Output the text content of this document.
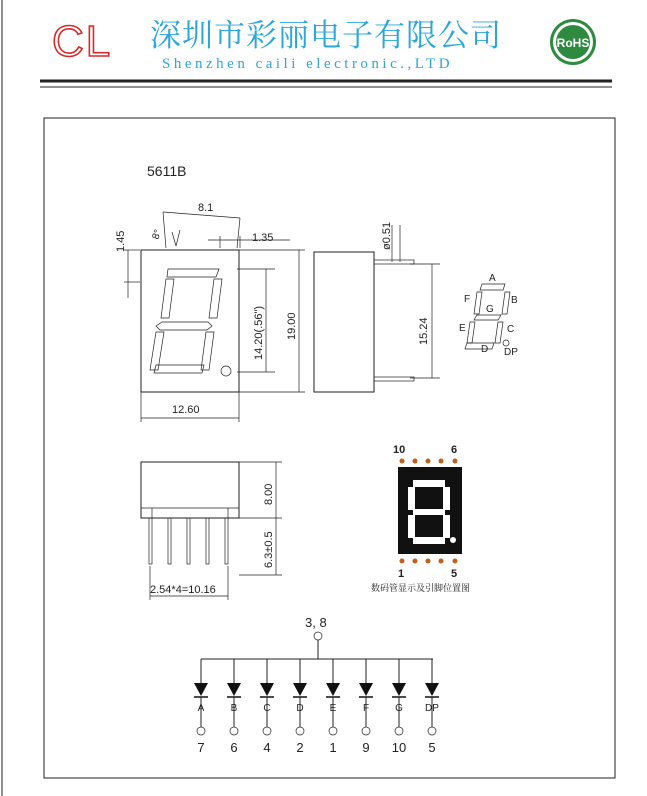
CL 深圳市彩丽电子有限公司
Shenzhen caili electronic.,LTD
RoHS
5611B
1.45
8.1
8°	1.35
14.20(.56") 19.00
12.60
ø0.51
15.24
A
B
C
D
E
F
G
DP
8.00
6.3±0.5
2.54*4=10.16
10	6
1	5
数码管显示及引脚位置图
3, 8
A
7
B
6
C
4
D
2
E
1
F
9
G
10
DP
5
